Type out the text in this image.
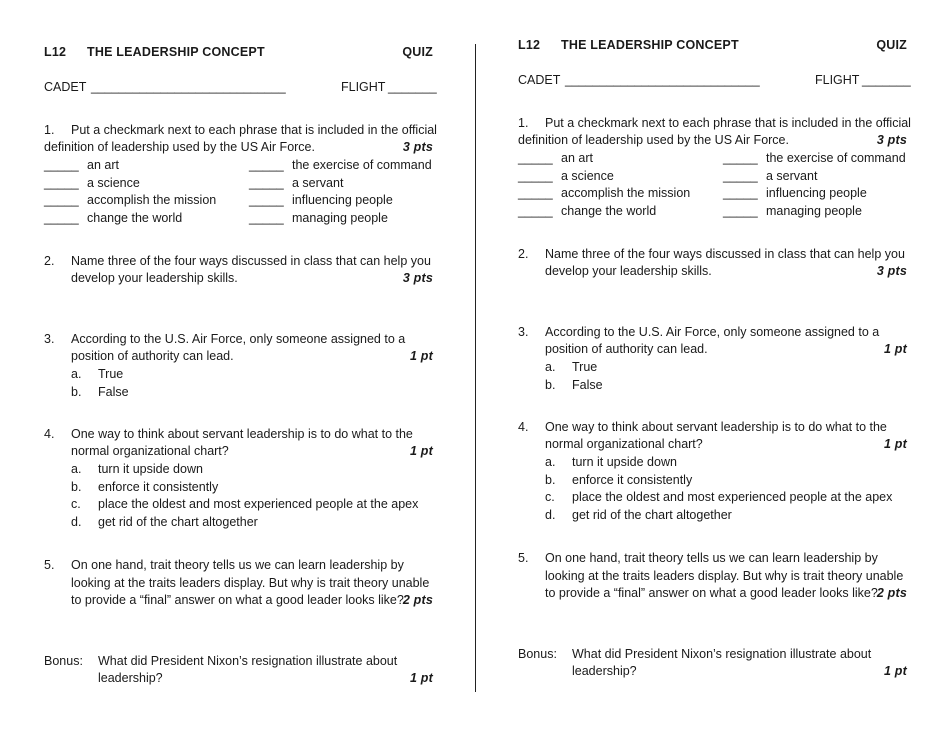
L12 THE LEADERSHIP CONCEPT	QUIZ
CADET ____________________________	FLIGHT _______
1. Put a checkmark next to each phrase that is included in the official
definition of leadership used by the US Air Force.	3 pts
2. Name three of the four ways discussed in class that can help you
develop your leadership skills.	3 pts
3. According to the U.S. Air Force, only someone assigned to a
position of authority can lead.	1 pt
4. One way to think about servant leadership is to do what to the
normal organizational chart?	1 pt
5. On one hand, trait theory tells us we can learn leadership by
looking at the traits leaders display. But why is trait theory unable
to provide a “final” answer on what a good leader looks like?
2 pts
Bonus: What did President Nixon’s resignation illustrate about
leadership?	1 pt
_____ an art	_____ the exercise of command
_____ a science	_____ a servant
_____ accomplish the mission	_____ influencing people
_____ change the world	_____ managing people
a. True
b. False
a. turn it upside down
b. enforce it consistently
c. place the oldest and most experienced people at the apex
d. get rid of the chart altogether
L12 THE LEADERSHIP CONCEPT	QUIZ
CADET ____________________________	FLIGHT _______
1. Put a checkmark next to each phrase that is included in the official
definition of leadership used by the US Air Force.	3 pts
2. Name three of the four ways discussed in class that can help you
develop your leadership skills.	3 pts
3. According to the U.S. Air Force, only someone assigned to a
position of authority can lead.	1 pt
4. One way to think about servant leadership is to do what to the
normal organizational chart?	1 pt
5. On one hand, trait theory tells us we can learn leadership by
looking at the traits leaders display. But why is trait theory unable
to provide a “final” answer on what a good leader looks like?
2 pts
Bonus: What did President Nixon’s resignation illustrate about
leadership?	1 pt
_____ an art	_____ the exercise of command
_____ a science	_____ a servant
_____ accomplish the mission	_____ influencing people
_____ change the world	_____ managing people
a. True
b. False
a. turn it upside down
b. enforce it consistently
c. place the oldest and most experienced people at the apex
d. get rid of the chart altogether
